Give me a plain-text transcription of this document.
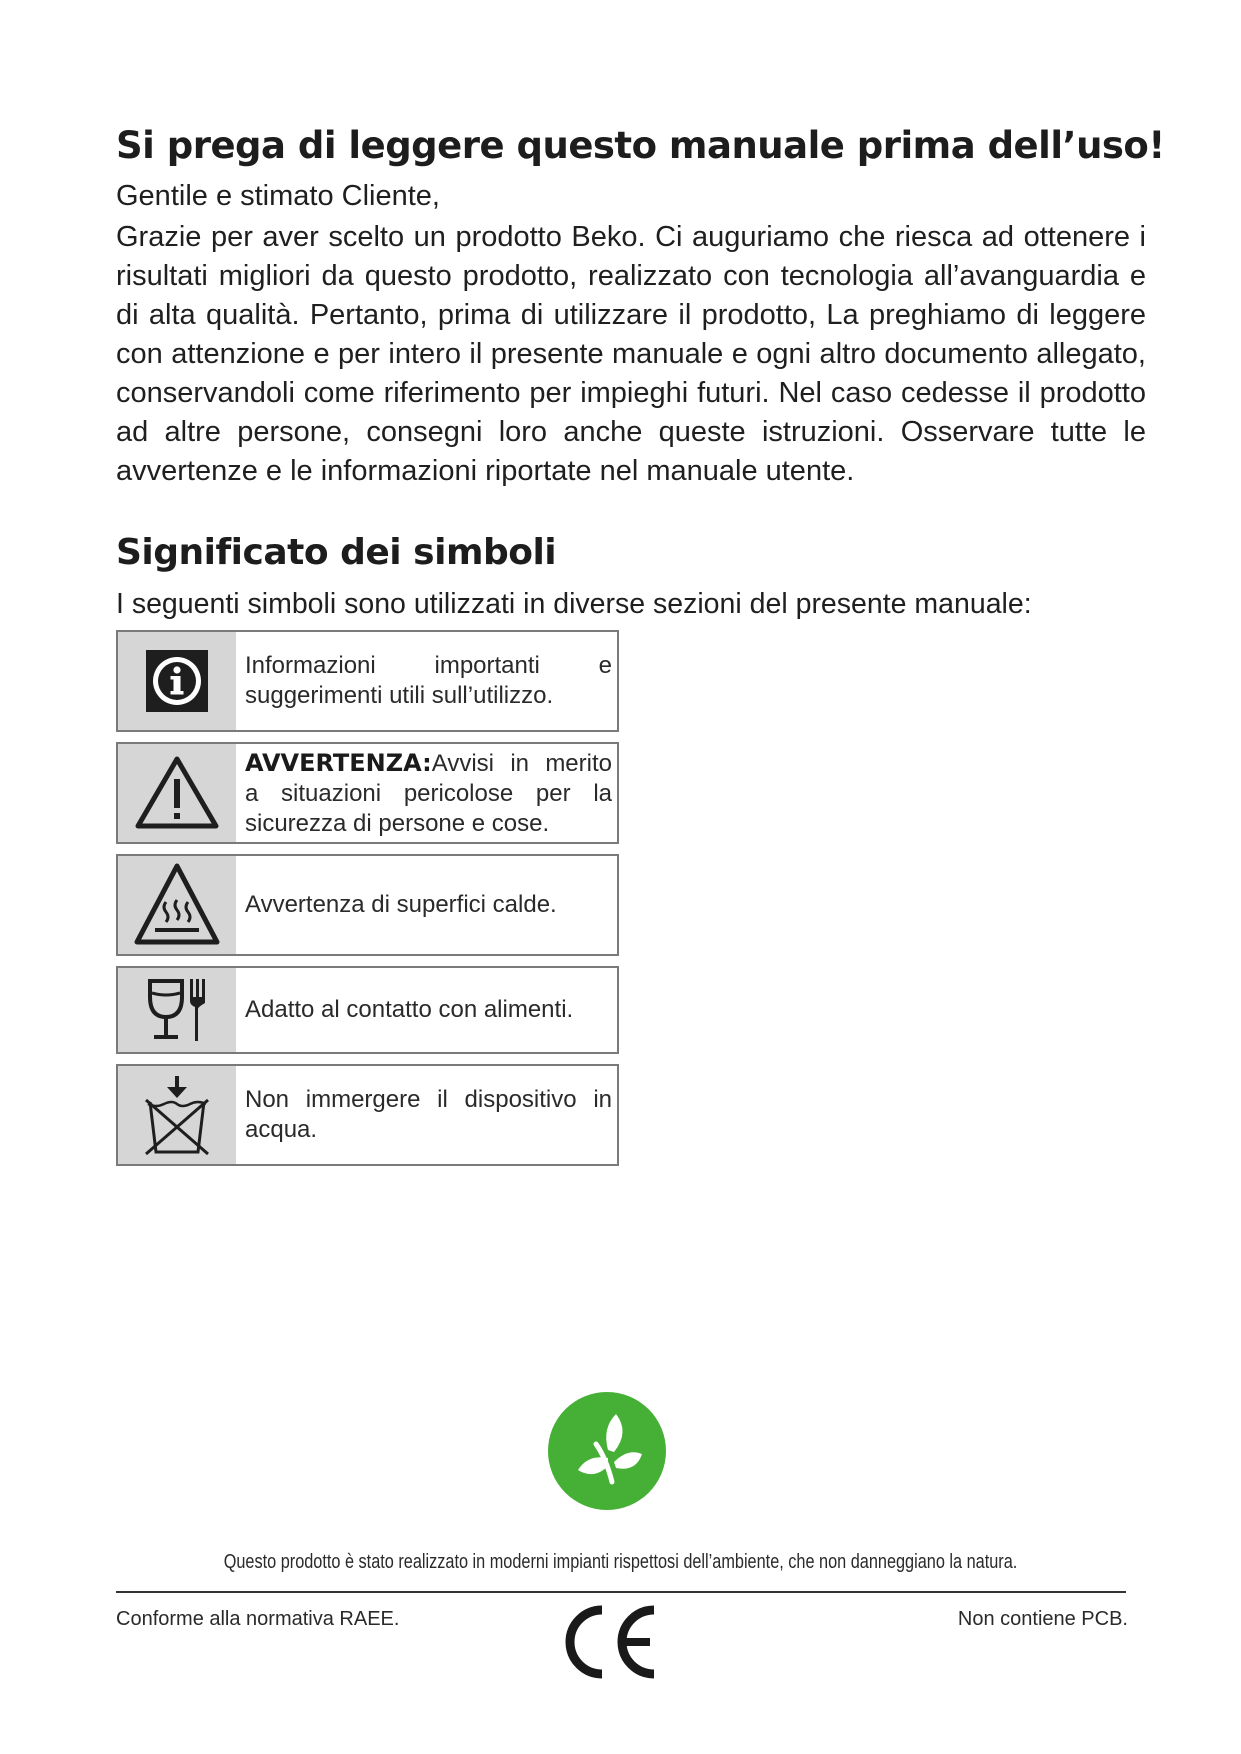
Si prega di leggere questo manuale prima dell’uso!

Gentile e stimato Cliente,

Grazie per aver scelto un prodotto Beko. Ci auguriamo che riesca ad ottenere i risultati migliori da questo prodotto, realizzato con tecnologia all’avanguardia e di alta qualità. Pertanto, prima di utilizzare il prodotto, La preghiamo di leggere con attenzione e per intero il presente manuale e ogni altro documento allegato, conservandoli come riferimento per impieghi futuri. Nel caso cedesse il prodotto ad altre persone, consegni loro anche queste istruzioni. Osservare tutte le avvertenze e le informazioni riportate nel manuale utente.

Significato dei simboli

I seguenti simboli sono utilizzati in diverse sezioni del presente manuale:

Informazioni importanti e suggerimenti utili sull’utilizzo.
AVVERTENZA:Avvisi in merito a situazioni pericolose per la sicurezza di persone e cose.
Avvertenza di superfici calde.
Adatto al contatto con alimenti.
Non immergere il dispositivo in acqua.
Questo prodotto è stato realizzato in moderni impianti rispettosi dell’ambiente, che non danneggiano la natura.
Conforme alla normativa RAEE.	Non contiene PCB.
